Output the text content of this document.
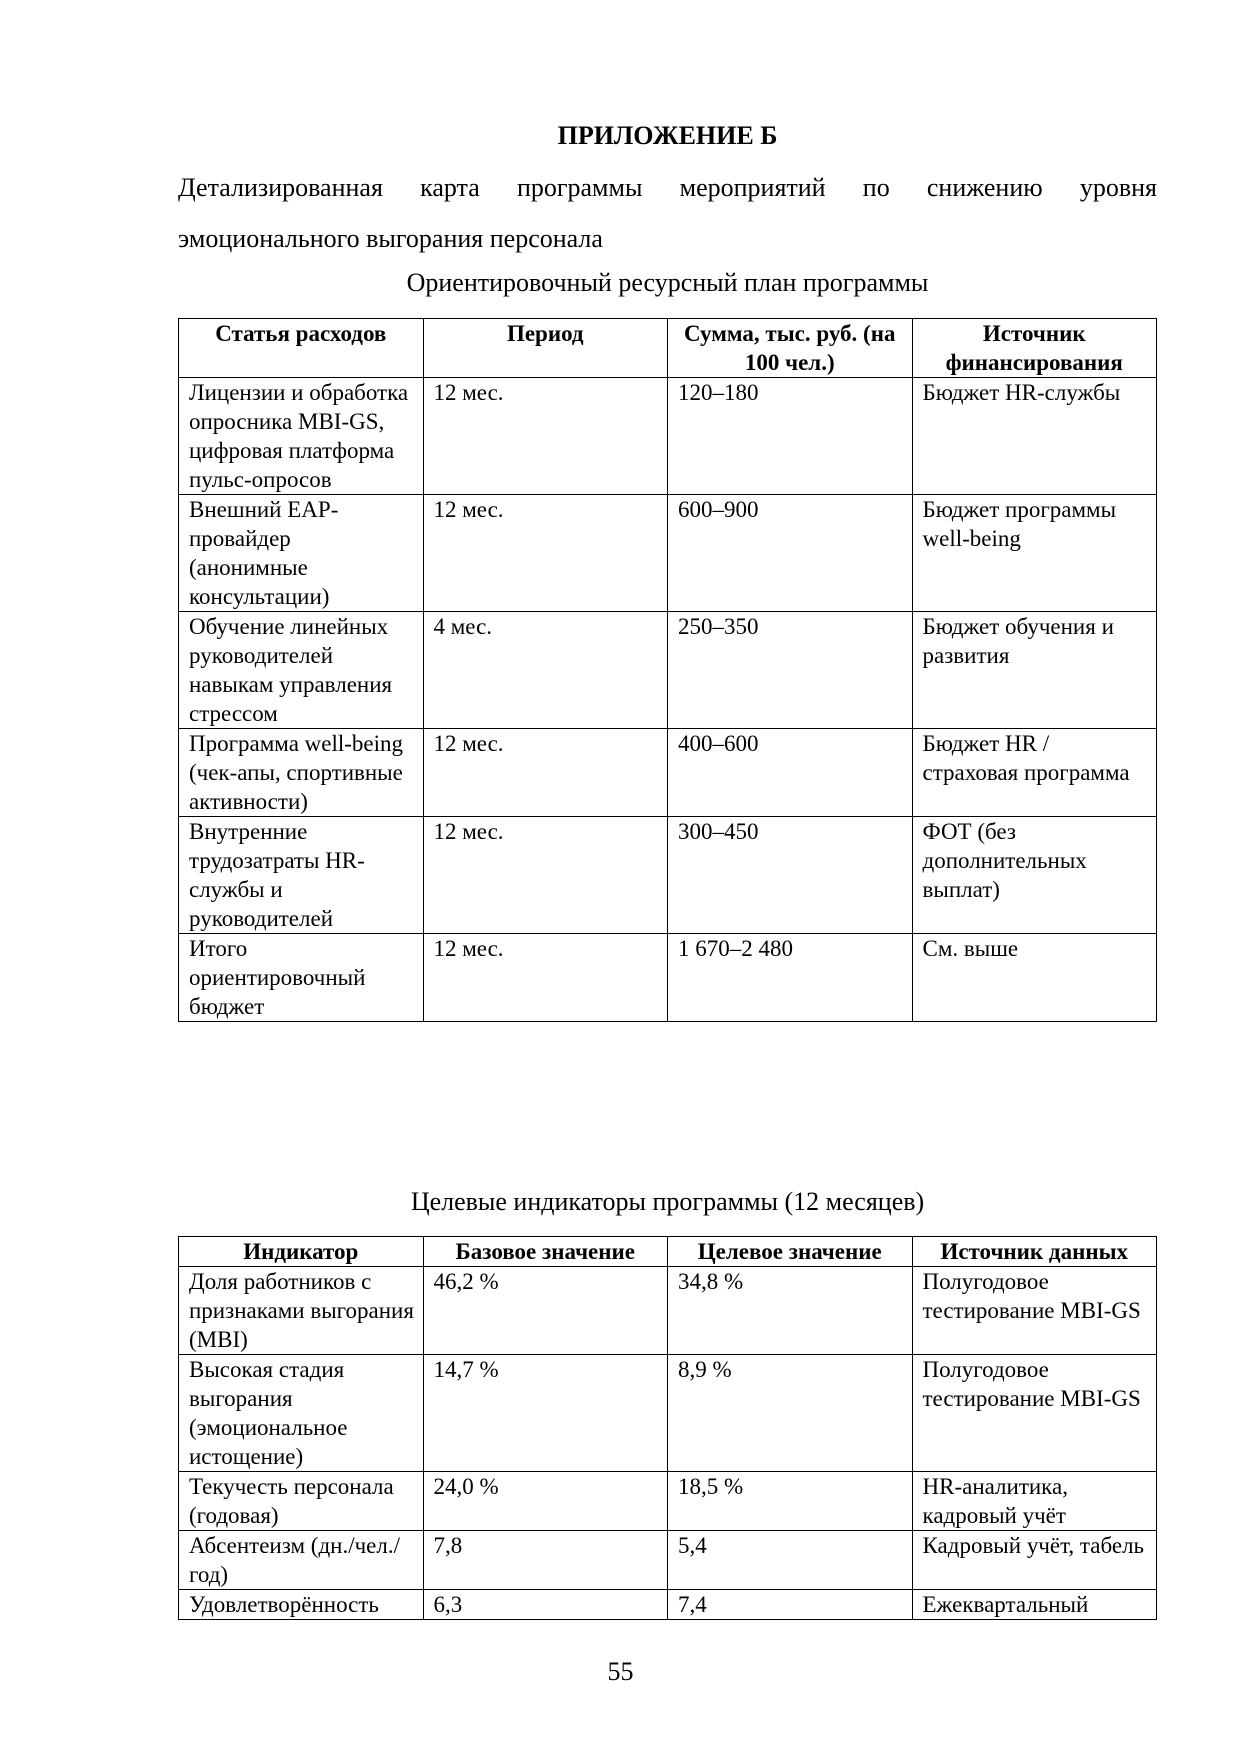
ПРИЛОЖЕНИЕ Б
Детализированная карта программы мероприятий по снижению уровня
эмоционального выгорания персонала
Ориентировочный ресурсный план программы
Статья расходов	Период	Сумма, тыс. руб. (на 100 чел.)	Источник финансирования
Лицензии и обработка опросника MBI-GS, цифровая платформа пульс-опросов	12 мес.	120–180	Бюджет HR-службы
Внешний EAP-провайдер (анонимные консультации)	12 мес.	600–900	Бюджет программы well-being
Обучение линейных руководителей навыкам управления стрессом	4 мес.	250–350	Бюджет обучения и развития
Программа well-being (чек-апы, спортивные активности)	12 мес.	400–600	Бюджет HR / страховая программа
Внутренние трудозатраты HR-службы и руководителей	12 мес.	300–450	ФОТ (без дополнительных выплат)
Итого ориентировочный бюджет	12 мес.	1 670–2 480	См. выше
Целевые индикаторы программы (12 месяцев)
Индикатор	Базовое значение	Целевое значение	Источник данных
Доля работников с признаками выгорания (MBI)	46,2 %	34,8 %	Полугодовое тестирование MBI-GS
Высокая стадия выгорания (эмоциональное истощение)	14,7 %	8,9 %	Полугодовое тестирование MBI-GS
Текучесть персонала (годовая)	24,0 %	18,5 %	HR-аналитика, кадровый учёт
Абсентеизм (дн./чел./год)	7,8	5,4	Кадровый учёт, табель
Удовлетворённость	6,3	7,4	Ежеквартальный
55
